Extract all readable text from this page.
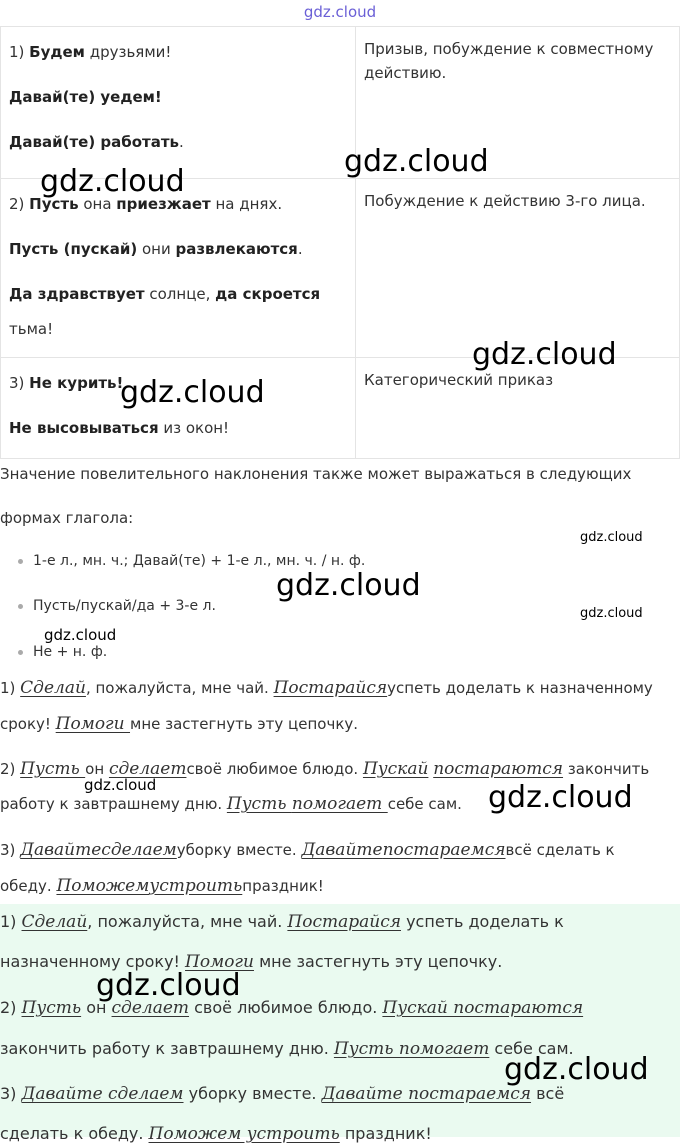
gdz.cloud

1) Будем друзьями!

Давай(те) уедем!

Давай(те) работать.	Призыв, побуждение к совместному действию.

2) Пусть она приезжает на днях.

Пусть (пускай) они развлекаются.

Да здравствует солнце, да скроется

тьма!	Побуждение к действию 3-го лица.

3) Не курить!

Не высовываться из окон!	Категорический приказ

Значение повелительного наклонения также может выражаться в следующих формах глагола:

1-е л., мн. ч.; Давай(те) + 1-е л., мн. ч. / н. ф.
Пусть/пускай/да + 3-е л.
Не + н. ф.

1) Сделай, пожалуйста, мне чай. Постарайсяуспеть доделать к назначенному

сроку! Помоги мне застегнуть эту цепочку.

2) Пусть он сделаетсвоё любимое блюдо. Пускай постараются закончить

работу к завтрашнему дню. Пусть помогает себе сам.

3) Давайтесделаемуборку вместе. Давайтепостараемсявсё сделать к

обеду. Поможемустроитьпраздник!

1) Сделай, пожалуйста, мне чай. Постарайся успеть доделать к

назначенному сроку! Помоги мне застегнуть эту цепочку.

2) Пусть он сделает своё любимое блюдо. Пускай постараются

закончить работу к завтрашнему дню. Пусть помогает себе сам.

3) Давайте сделаем уборку вместе. Давайте постараемся всё

сделать к обеду. Поможем устроить праздник!

gdz.cloud
gdz.cloud
gdz.cloud
gdz.cloud
gdz.cloud
gdz.cloud
gdz.cloud
gdz.cloud
gdz.cloud	gdz.cloud
gdz.cloud
gdz.cloud
